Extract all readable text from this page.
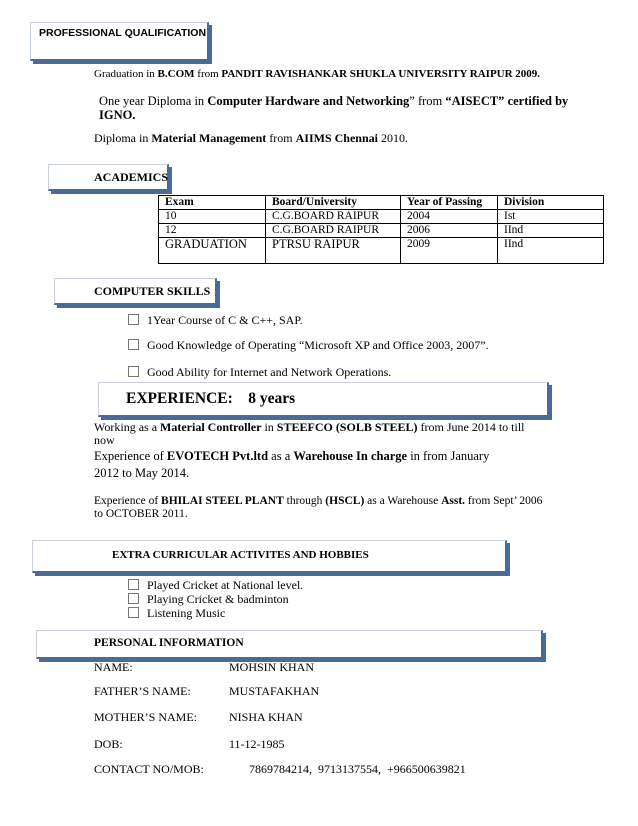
PROFESSIONAL QUALIFICATION
Graduation in B.COM from PANDIT RAVISHANKAR SHUKLA UNIVERSITY RAIPUR 2009.
One year Diploma in Computer Hardware and Networking” from “AISECT” certified by
IGNO.
Diploma in Material Management from AIIMS Chennai 2010.
ACADEMICS
Exam	Board/University	Year of Passing	Division
10	C.G.BOARD RAIPUR	2004	Ist
12	C.G.BOARD RAIPUR	2006	IInd
GRADUATION	PTRSU RAIPUR	2009	IInd
COMPUTER SKILLS
1Year Course of C & C++, SAP.
Good Knowledge of Operating “Microsoft XP and Office 2003, 2007”.
Good Ability for Internet and Network Operations.
EXPERIENCE:    8 years
Working as a Material Controller in STEEFCO (SOLB STEEL) from June 2014 to till
now
Experience of EVOTECH Pvt.ltd as a Warehouse In charge in from January
2012 to May 2014.
Experience of BHILAI STEEL PLANT through (HSCL) as a Warehouse Asst. from Sept’ 2006
to OCTOBER 2011.
EXTRA CURRICULAR ACTIVITES AND HOBBIES
Played Cricket at National level.
Playing Cricket & badminton
Listening Music
PERSONAL INFORMATION
NAME:	MOHSIN KHAN
FATHER’S NAME:	MUSTAFAKHAN
MOTHER’S NAME:	NISHA KHAN
DOB:	11-12-1985
CONTACT NO/MOB:	7869784214,  9713137554,  +966500639821
